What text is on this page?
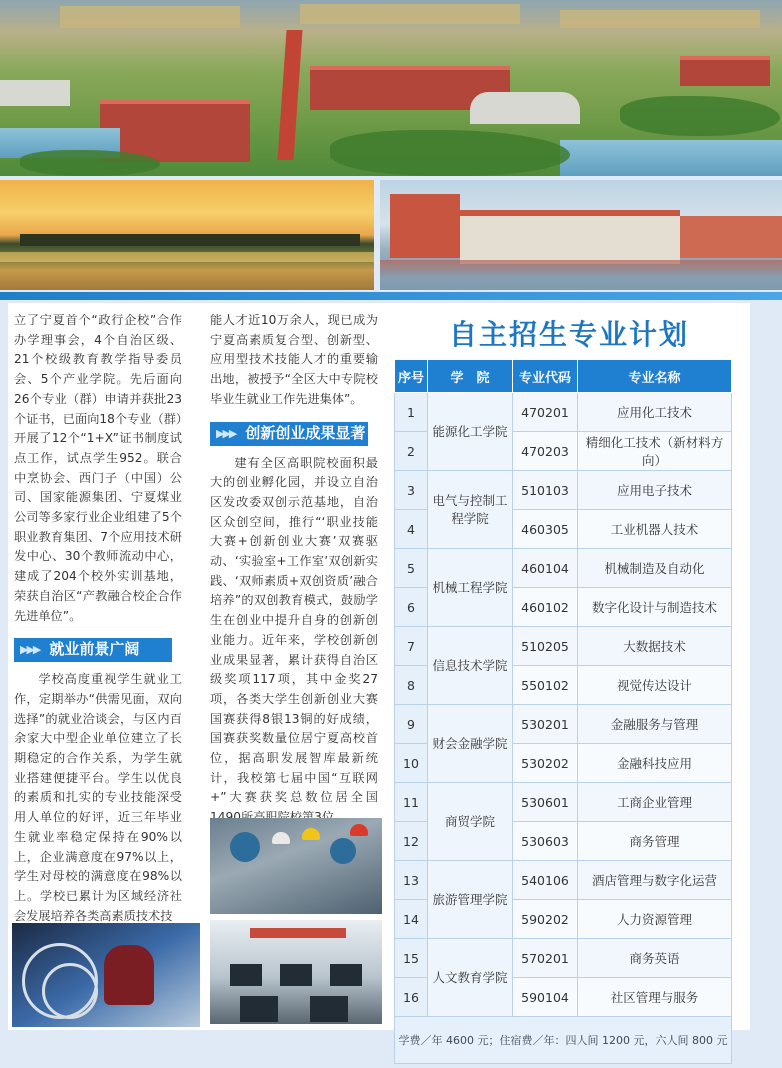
立了宁夏首个“政行企校”合作办学理事会，4个自治区级、21个校级教育教学指导委员会、5个产业学院。先后面向26个专业（群）申请并获批23个证书，已面向18个专业（群）开展了12个“1+X”证书制度试点工作，试点学生952。联合中烹协会、西门子（中国）公司、国家能源集团、宁夏煤业公司等多家行业企业组建了5个职业教育集团、7个应用技术研发中心、30个教师流动中心，建成了204个校外实训基地，荣获自治区“产教融合校企合作先进单位”。

▶▶▶ 就业前景广阔

学校高度重视学生就业工作，定期举办“供需见面，双向选择”的就业洽谈会，与区内百余家大中型企业单位建立了长期稳定的合作关系，为学生就业搭建便捷平台。学生以优良的素质和扎实的专业技能深受用人单位的好评，近三年毕业生就业率稳定保持在90%以上，企业满意度在97%以上，学生对母校的满意度在98%以上。学校已累计为区域经济社会发展培养各类高素质技术技

能人才近10万余人，现已成为宁夏高素质复合型、创新型、应用型技术技能人才的重要输出地，被授予“全区大中专院校毕业生就业工作先进集体”。

▶▶▶ 创新创业成果显著

建有全区高职院校面积最大的创业孵化园，并设立自治区发改委双创示范基地，自治区众创空间，推行“‘职业技能大赛+创新创业大赛’双赛驱动、‘实验室+工作室’双创新实践、‘双师素质+双创资质’融合培养”的双创教育模式，鼓励学生在创业中提升自身的创新创业能力。近年来，学校创新创业成果显著，累计获得自治区级奖项117项，其中金奖27项，各类大学生创新创业大赛国赛获得8银13铜的好成绩，国赛获奖数量位居宁夏高校首位，据高职发展智库最新统计，我校第七届中国“互联网+”大赛获奖总数位居全国

自主招生专业计划
序号	学　院	专业代码	专业名称
1	能源化工学院	470201	应用化工技术
2		470203	精细化工技术（新材料方向）
3	电气与控制工程学院	510103	应用电子技术
4		460305	工业机器人技术
5	机械工程学院	460104	机械制造及自动化
6		460102	数字化设计与制造技术
7	信息技术学院	510205	大数据技术
8		550102	视觉传达设计
9	财会金融学院	530201	金融服务与管理
10		530202	金融科技应用
11	商贸学院	530601	工商企业管理
12		530603	商务管理
13	旅游管理学院	540106	酒店管理与数字化运营
14		590202	人力资源管理
15	人文教育学院	570201	商务英语
16		590104	社区管理与服务
学费／年 4600 元；住宿费／年：四人间 1200 元，六人间 800 元			
